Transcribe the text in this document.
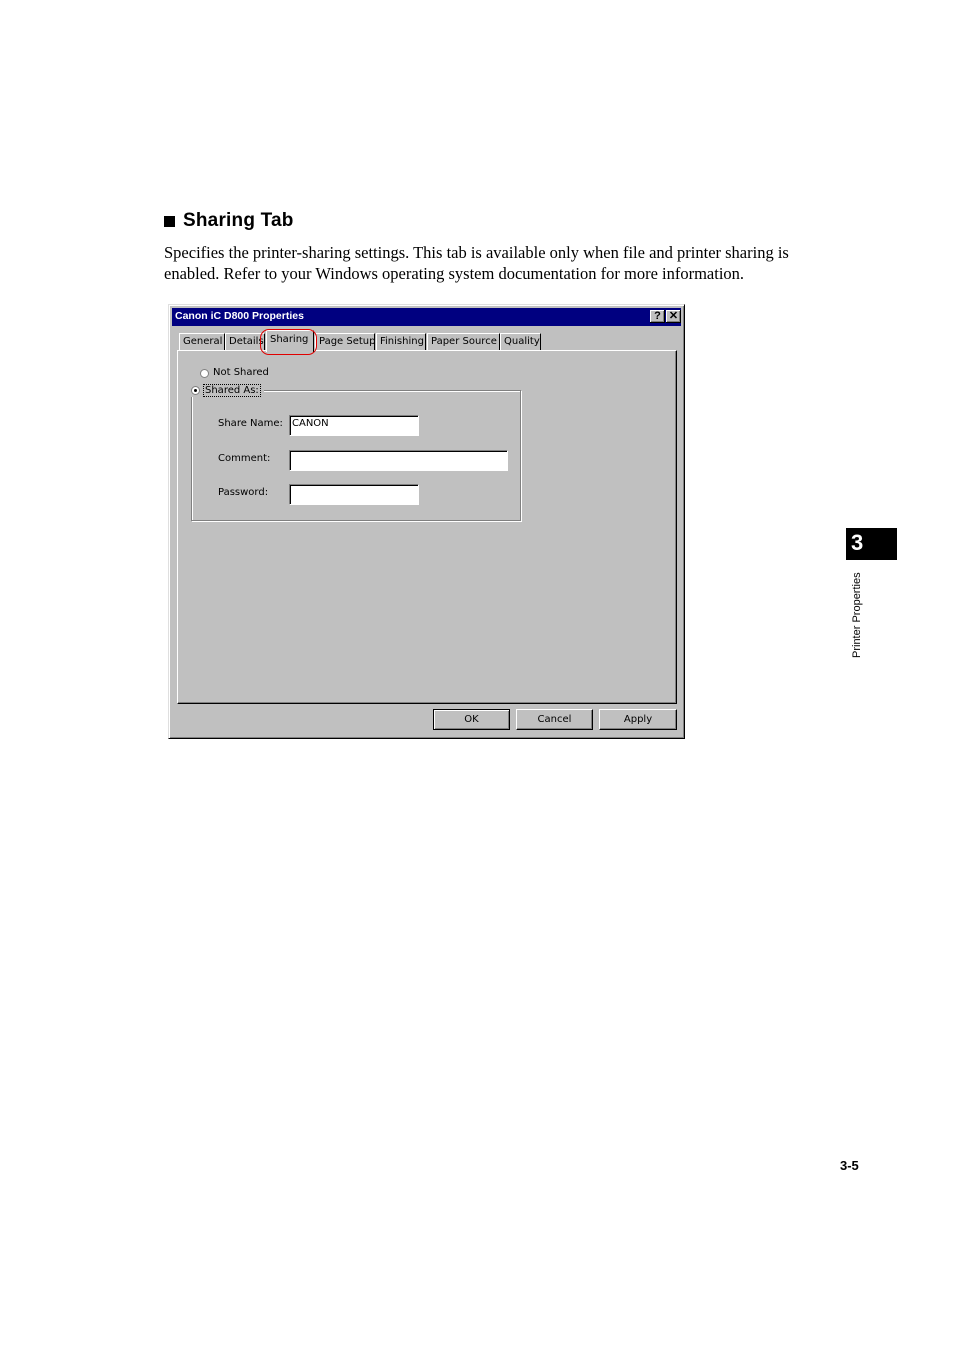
Sharing Tab
Specifies the printer-sharing settings. This tab is available only when file and printer sharing is
enabled. Refer to your Windows operating system documentation for more information.
Canon iC D800 Properties	? ✕
General Details Sharing	Page Setup Finishing Paper Source Quality
Not Shared
Shared As:
Share Name: CANON
Comment:
Password:
OK	Cancel	Apply
3
Printer Properties
3-5
